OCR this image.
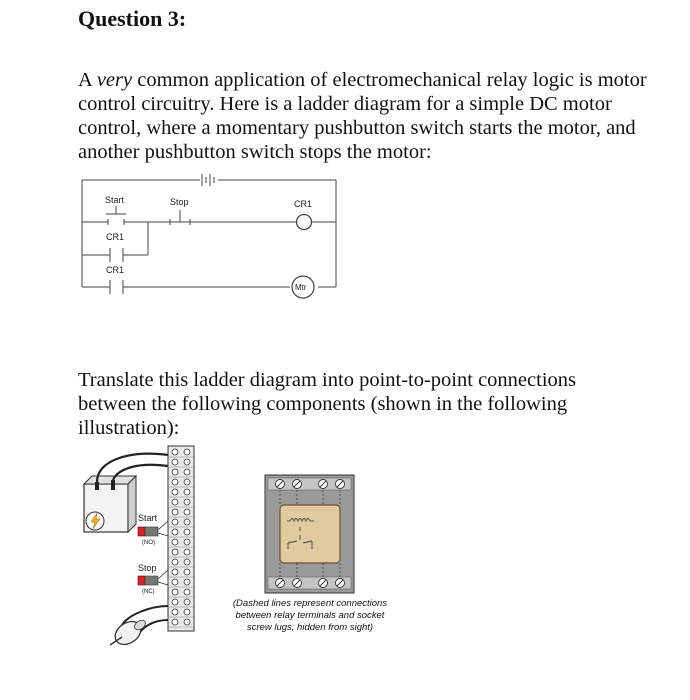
Question 3:
A very common application of electromechanical relay logic is motor control circuitry. Here is a ladder diagram for a simple DC motor control, where a momentary pushbutton switch starts the motor, and another pushbutton switch stops the motor:
Start	Stop	CR1
CR1
CR1
Mtr
Translate this ladder diagram into point-to-point connections between the following components (shown in the following illustration):
Start
(NO)
Stop
(NC)
(Dashed lines represent connections between relay terminals and socket screw lugs, hidden from sight)
